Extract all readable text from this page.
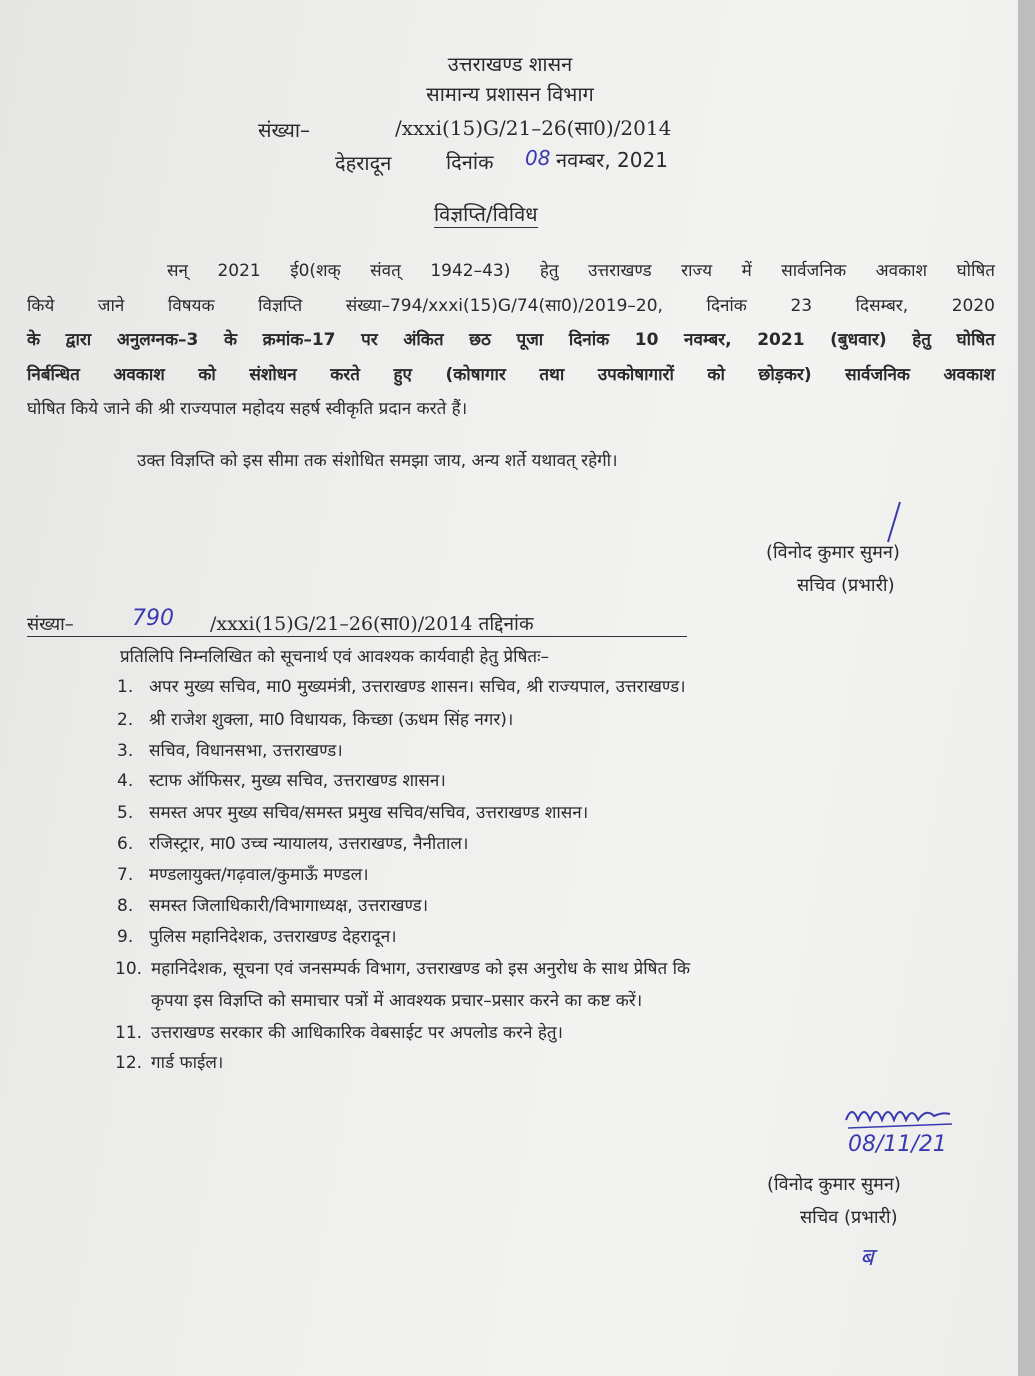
उत्तराखण्ड शासन
सामान्य प्रशासन विभाग
संख्या–	/xxxi(15)G/21–26(सा0)/2014
देहरादून	दिनांक 08 नवम्बर, 2021
विज्ञप्ति/विविध
सन् 2021 ई0(शक् संवत् 1942–43) हेतु उत्तराखण्ड राज्य में सार्वजनिक अवकाश घोषित
किये जाने विषयक विज्ञप्ति संख्या–794/xxxi(15)G/74(सा0)/2019–20, दिनांक 23 दिसम्बर, 2020
के द्वारा अनुलग्नक–3 के क्रमांक–17 पर अंकित छठ पूजा दिनांक 10 नवम्बर, 2021 (बुधवार) हेतु घोषित
निर्बन्धित अवकाश को संशोधन करते हुए (कोषागार तथा उपकोषागारों को छोड़कर) सार्वजनिक अवकाश
घोषित किये जाने की श्री राज्यपाल महोदय सहर्ष स्वीकृति प्रदान करते हैं।
उक्त विज्ञप्ति को इस सीमा तक संशोधित समझा जाय, अन्य शर्ते यथावत् रहेगी।
(विनोद कुमार सुमन)
सचिव (प्रभारी)
संख्या–	790 /xxxi(15)G/21–26(सा0)/2014 तद्दिनांक
प्रतिलिपि निम्नलिखित को सूचनार्थ एवं आवश्यक कार्यवाही हेतु प्रेषितः–
1. अपर मुख्य सचिव, मा0 मुख्यमंत्री, उत्तराखण्ड शासन। सचिव, श्री राज्यपाल, उत्तराखण्ड।
2. श्री राजेश शुक्ला, मा0 विधायक, किच्छा (ऊधम सिंह नगर)।
3. सचिव, विधानसभा, उत्तराखण्ड।
4. स्टाफ ऑफिसर, मुख्य सचिव, उत्तराखण्ड शासन।
5. समस्त अपर मुख्य सचिव/समस्त प्रमुख सचिव/सचिव, उत्तराखण्ड शासन।
6. रजिस्ट्रार, मा0 उच्च न्यायालय, उत्तराखण्ड, नैनीताल।
7. मण्डलायुक्त/गढ़वाल/कुमाऊँ मण्डल।
8. समस्त जिलाधिकारी/विभागाध्यक्ष, उत्तराखण्ड।
9. पुलिस महानिदेशक, उत्तराखण्ड देहरादून।
10. महानिदेशक, सूचना एवं जनसम्पर्क विभाग, उत्तराखण्ड को इस अनुरोध के साथ प्रेषित कि
कृपया इस विज्ञप्ति को समाचार पत्रों में आवश्यक प्रचार–प्रसार करने का कष्ट करें।
11. उत्तराखण्ड सरकार की आधिकारिक वेबसाईट पर अपलोड करने हेतु।
12. गार्ड फाईल।
08/11/21
(विनोद कुमार सुमन)
सचिव (प्रभारी)
ब
